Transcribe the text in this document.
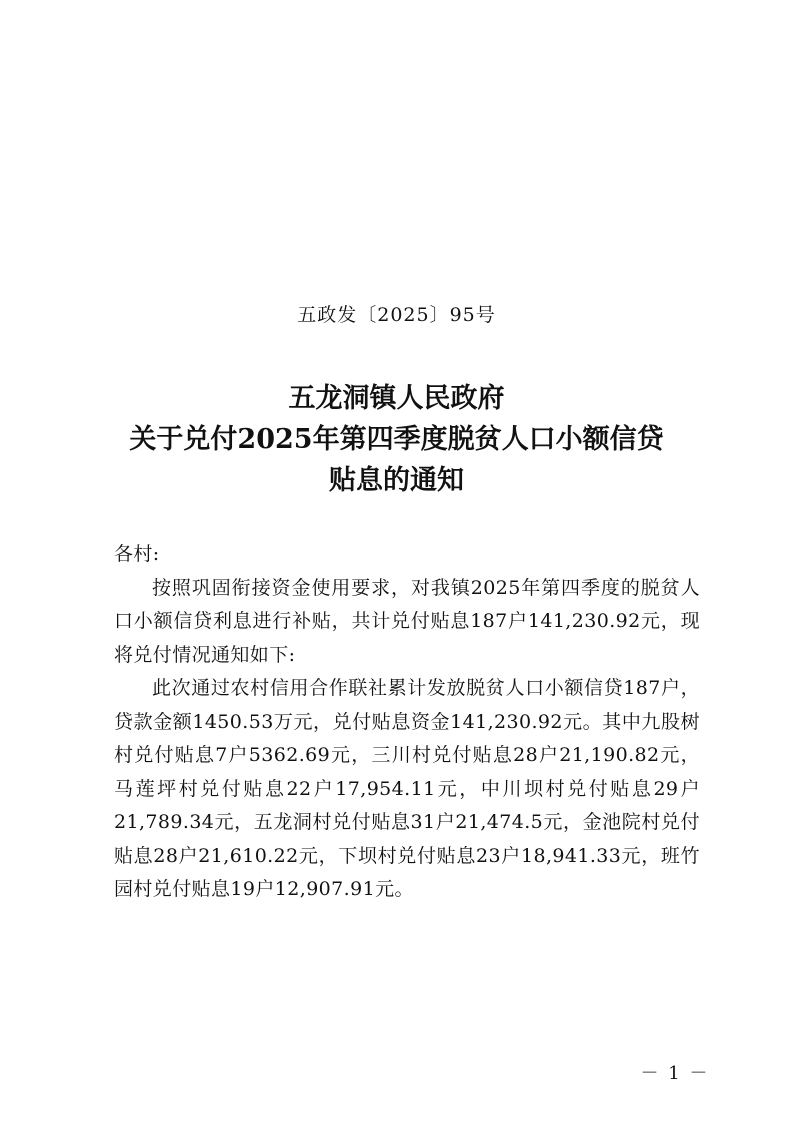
五政发〔2025〕95号
五龙洞镇人民政府
关于兑付2025年第四季度脱贫人口小额信贷
贴息的通知

各村:

按照巩固衔接资金使用要求，对我镇2025年第四季度的脱贫人口小额信贷利息进行补贴，共计兑付贴息187户141,230.92元，现将兑付情况通知如下:

此次通过农村信用合作联社累计发放脱贫人口小额信贷187户，贷款金额1450.53万元，兑付贴息资金141,230.92元。其中九股树村兑付贴息7户5362.69元，三川村兑付贴息28户21,190.82元，马莲坪村兑付贴息22户17,954.11元，中川坝村兑付贴息29户21,789.34元，五龙洞村兑付贴息31户21,474.5元，金池院村兑付贴息28户21,610.22元，下坝村兑付贴息23户18,941.33元，班竹园村兑付贴息19户12,907.91元。

－ 1 －
